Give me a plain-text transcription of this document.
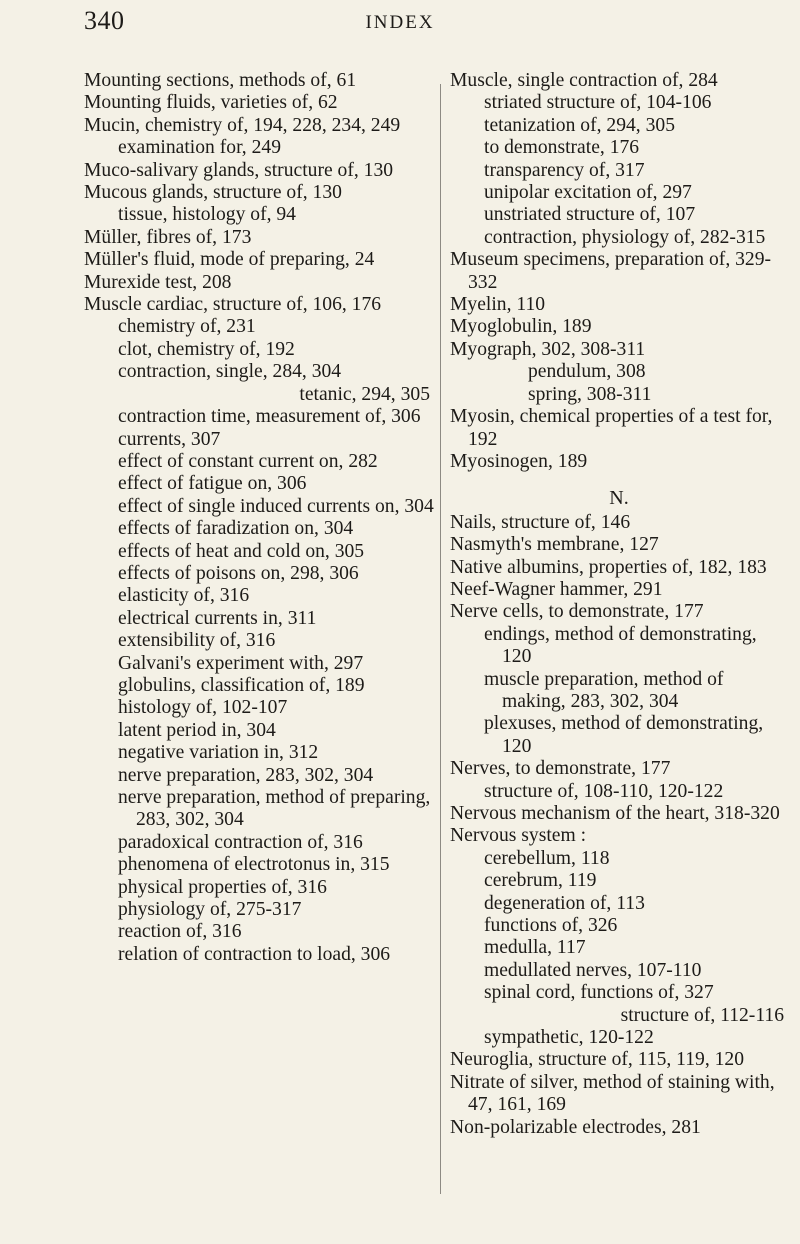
340	INDEX
Mounting sections, methods of, 61
Mounting fluids, varieties of, 62
Mucin, chemistry of, 194, 228, 234, 249
examination for, 249
Muco-salivary glands, structure of, 130
Mucous glands, structure of, 130
tissue, histology of, 94
Müller, fibres of, 173
Müller's fluid, mode of preparing, 24
Murexide test, 208
Muscle cardiac, structure of, 106, 176
chemistry of, 231
clot, chemistry of, 192
contraction, single, 284, 304
tetanic, 294, 305
contraction time, measurement of, 306
currents, 307
effect of constant current on, 282
effect of fatigue on, 306
effect of single induced currents on, 304
effects of faradization on, 304
effects of heat and cold on, 305
effects of poisons on, 298, 306
elasticity of, 316
electrical currents in, 311
extensibility of, 316
Galvani's experiment with, 297
globulins, classification of, 189
histology of, 102-107
latent period in, 304
negative variation in, 312
nerve preparation, 283, 302, 304
nerve preparation, method of preparing, 283, 302, 304
paradoxical contraction of, 316
phenomena of electrotonus in, 315
physical properties of, 316
physiology of, 275-317
reaction of, 316
relation of contraction to load, 306
Muscle, single contraction of, 284
striated structure of, 104-106
tetanization of, 294, 305
to demonstrate, 176
transparency of, 317
unipolar excitation of, 297
unstriated structure of, 107
contraction, physiology of, 282-315
Museum specimens, preparation of, 329-332
Myelin, 110
Myoglobulin, 189
Myograph, 302, 308-311
pendulum, 308
spring, 308-311
Myosin, chemical properties of a test for, 192
Myosinogen, 189
N.
Nails, structure of, 146
Nasmyth's membrane, 127
Native albumins, properties of, 182, 183
Neef-Wagner hammer, 291
Nerve cells, to demonstrate, 177
endings, method of demonstrating, 120
muscle preparation, method of making, 283, 302, 304
plexuses, method of demonstrating, 120
Nerves, to demonstrate, 177
structure of, 108-110, 120-122
Nervous mechanism of the heart, 318-320
Nervous system :
cerebellum, 118
cerebrum, 119
degeneration of, 113
functions of, 326
medulla, 117
medullated nerves, 107-110
spinal cord, functions of, 327
structure of, 112-116
sympathetic, 120-122
Neuroglia, structure of, 115, 119, 120
Nitrate of silver, method of staining with, 47, 161, 169
Non-polarizable electrodes, 281
